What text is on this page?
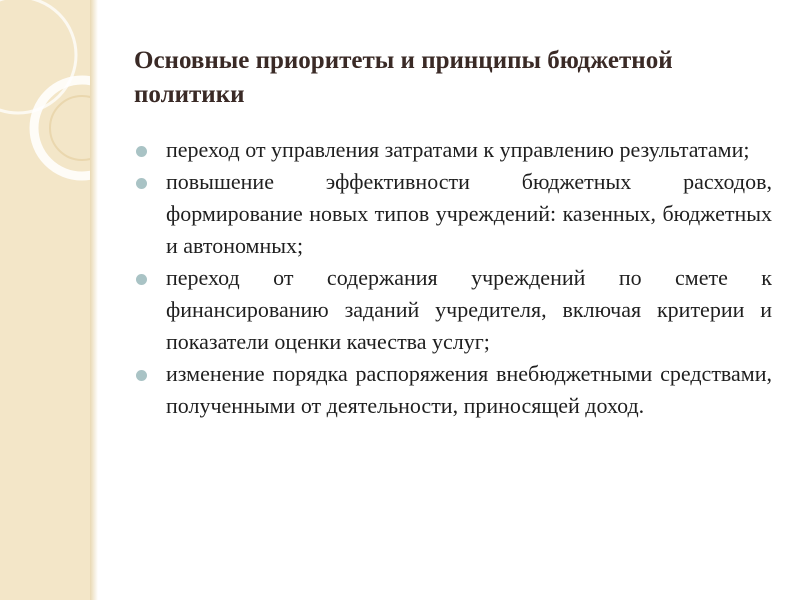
Основные приоритеты и принципы бюджетной политики
переход от управления затратами к управлению результатами;
повышение эффективности бюджетных расходов, формирование новых типов учреждений: казенных, бюджетных и автономных;
переход от содержания учреждений по смете к финансированию заданий учредителя, включая критерии и показатели оценки качества услуг;
изменение порядка распоряжения внебюджетными средствами, полученными от деятельности, приносящей доход.
